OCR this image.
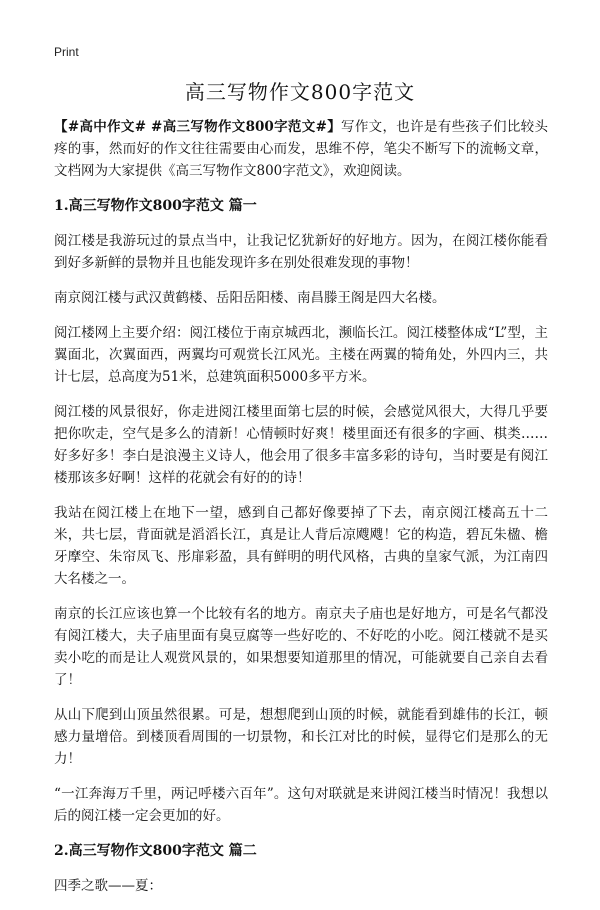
Print
高三写物作文800字范文

【#高中作文# #高三写物作文800字范文#】写作文，也许是有些孩子们比较头疼的事，然而好的作文往往需要由心而发，思维不停，笔尖不断写下的流畅文章，文档网为大家提供《高三写物作文800字范文》，欢迎阅读。

1.高三写物作文800字范文 篇一

阅江楼是我游玩过的景点当中，让我记忆犹新好的好地方。因为，在阅江楼你能看到好多新鲜的景物并且也能发现许多在别处很难发现的事物！

南京阅江楼与武汉黄鹤楼、岳阳岳阳楼、南昌滕王阁是四大名楼。

阅江楼网上主要介绍：阅江楼位于南京城西北，濒临长江。阅江楼整体成“L”型，主翼面北，次翼面西，两翼均可观赏长江风光。主楼在两翼的犄角处，外四内三，共计七层，总高度为51米，总建筑面积5000多平方米。

阅江楼的风景很好，你走进阅江楼里面第七层的时候，会感觉风很大，大得几乎要把你吹走，空气是多么的清新！心情顿时好爽！楼里面还有很多的字画、棋类……好多好多！李白是浪漫主义诗人，他会用了很多丰富多彩的诗句，当时要是有阅江楼那该多好啊！这样的花就会有好的的诗！

我站在阅江楼上在地下一望，感到自己都好像要掉了下去，南京阅江楼高五十二米，共七层，背面就是滔滔长江，真是让人背后凉飕飕！它的构造，碧瓦朱楹、檐牙摩空、朱帘凤飞、彤扉彩盈，具有鲜明的明代风格，古典的皇家气派，为江南四大名楼之一。

南京的长江应该也算一个比较有名的地方。南京夫子庙也是好地方，可是名气都没有阅江楼大，夫子庙里面有臭豆腐等一些好吃的、不好吃的小吃。阅江楼就不是买卖小吃的而是让人观赏风景的，如果想要知道那里的情况，可能就要自己亲自去看了！

从山下爬到山顶虽然很累。可是，想想爬到山顶的时候，就能看到雄伟的长江，顿感力量增倍。到楼顶看周围的一切景物，和长江对比的时候，显得它们是那么的无力！

“一江奔海万千里，两记呼楼六百年”。这句对联就是来讲阅江楼当时情况！我想以后的阅江楼一定会更加的好。

2.高三写物作文800字范文 篇二

四季之歌——夏：
